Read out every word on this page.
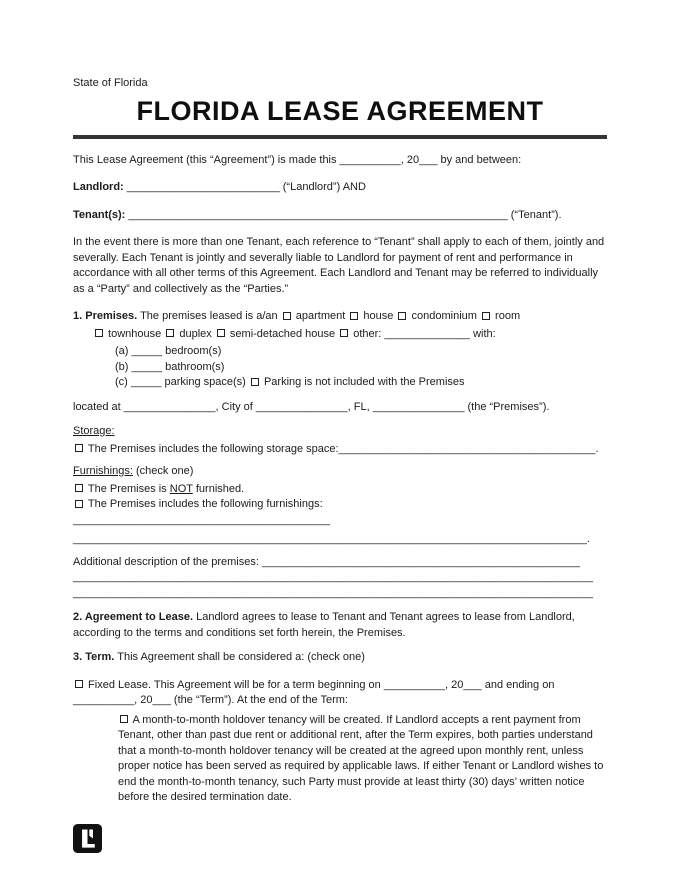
State of Florida
FLORIDA LEASE AGREEMENT

This Lease Agreement (this “Agreement”) is made this __________, 20___ by and between:

Landlord: _________________________ (“Landlord”) AND

Tenant(s): ______________________________________________________________ (“Tenant”).

In the event there is more than one Tenant, each reference to “Tenant” shall apply to each of them, jointly and severally. Each Tenant is jointly and severally liable to Landlord for payment of rent and performance in accordance with all other terms of this Agreement. Each Landlord and Tenant may be referred to individually as a “Party” and collectively as the “Parties.”

1. Premises. The premises leased is a/an  apartment  house  condominium  room

townhouse  duplex  semi-detached house  other: ______________ with:

(a) _____ bedroom(s)

(b) _____ bathroom(s)

(c) _____ parking space(s)  Parking is not included with the Premises

located at _______________, City of _______________, FL, _______________ (the “Premises”).

Storage:

The Premises includes the following storage space:__________________________________________.

Furnishings: (check one)

The Premises is NOT furnished.

The Premises includes the following furnishings:

__________________________________________

____________________________________________________________________________________.

Additional description of the premises: ____________________________________________________

_____________________________________________________________________________________

_____________________________________________________________________________________

2. Agreement to Lease. Landlord agrees to lease to Tenant and Tenant agrees to lease from Landlord, according to the terms and conditions set forth herein, the Premises.

3. Term. This Agreement shall be considered a: (check one)

Fixed Lease. This Agreement will be for a term beginning on __________, 20___ and ending on __________, 20___ (the “Term”). At the end of the Term:

A month-to-month holdover tenancy will be created. If Landlord accepts a rent payment from Tenant, other than past due rent or additional rent, after the Term expires, both parties understand that a month-to-month holdover tenancy will be created at the agreed upon monthly rent, unless proper notice has been served as required by applicable laws. If either Tenant or Landlord wishes to end the month-to-month tenancy, such Party must provide at least thirty (30) days’ written notice before the desired termination date.
